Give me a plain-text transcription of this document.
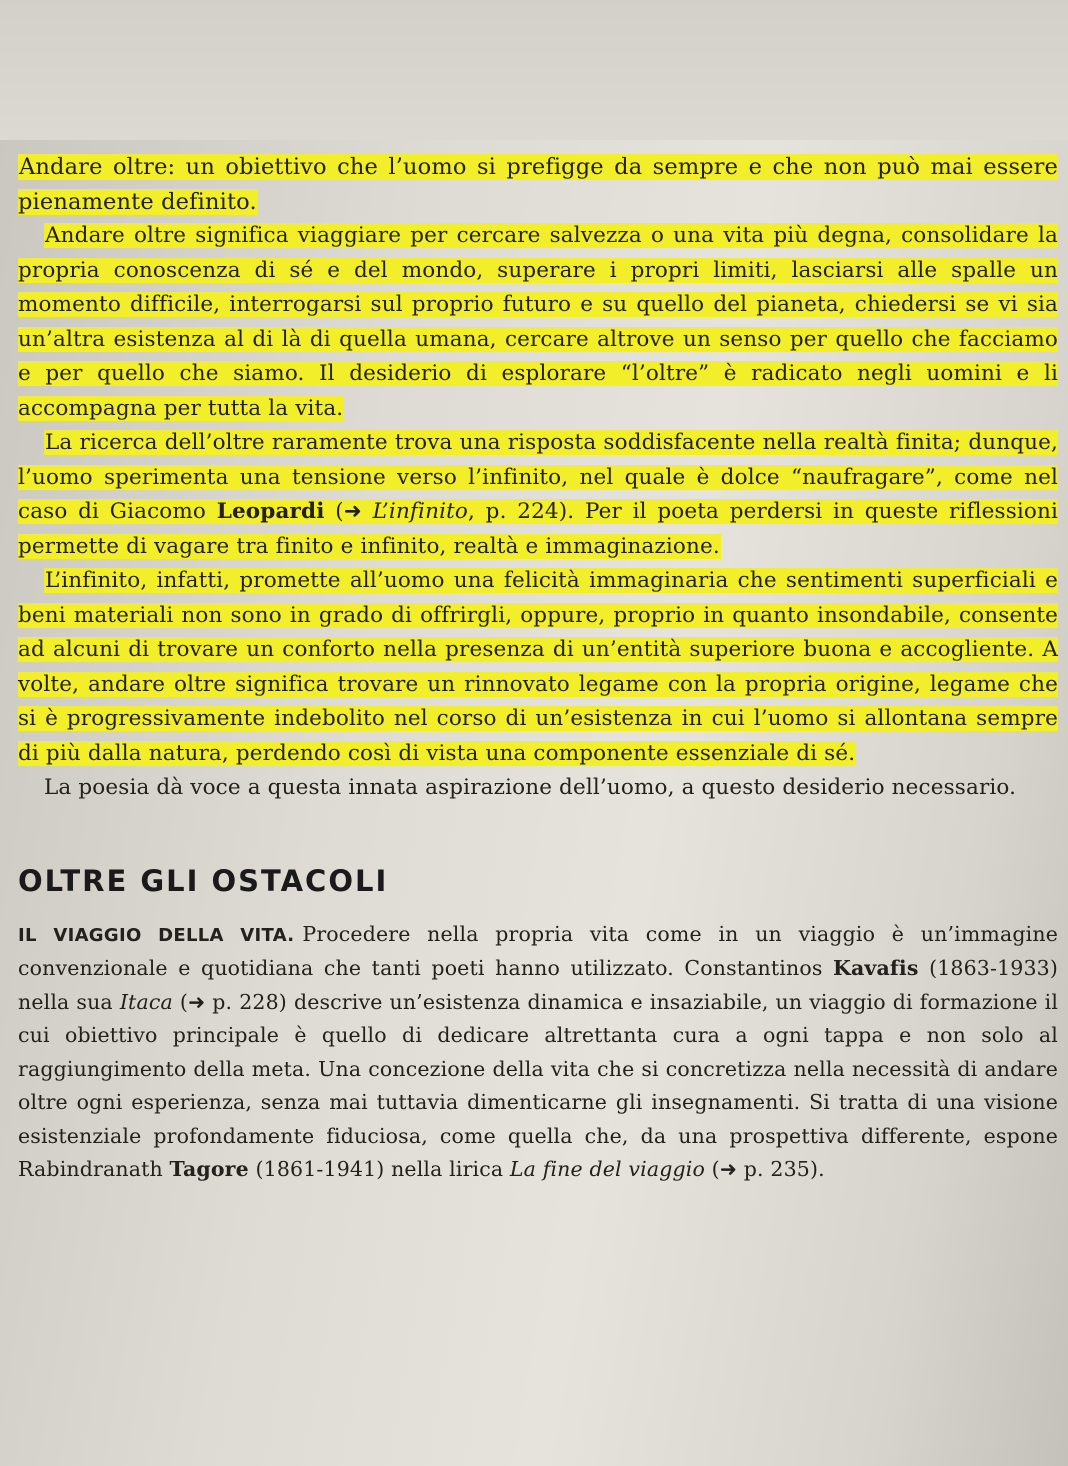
Andare oltre: un obiettivo che l’uomo si prefigge da sempre e che non può mai essere pienamente definito.

Andare oltre significa viaggiare per cercare salvezza o una vita più degna, consolidare la propria conoscenza di sé e del mondo, superare i propri limiti, lasciarsi alle spalle un momento difficile, interrogarsi sul proprio futuro e su quello del pianeta, chiedersi se vi sia un’altra esistenza al di là di quella umana, cercare altrove un senso per quello che facciamo e per quello che siamo. Il desiderio di esplorare “l’oltre” è radicato negli uomini e li accompagna per tutta la vita.

La ricerca dell’oltre raramente trova una risposta soddisfacente nella realtà finita; dunque, l’uomo sperimenta una tensione verso l’infinito, nel quale è dolce “naufragare”, come nel caso di Giacomo Leopardi (➜ L’infinito, p. 224). Per il poeta perdersi in queste riflessioni permette di vagare tra finito e infinito, realtà e immaginazione.

L’infinito, infatti, promette all’uomo una felicità immaginaria che sentimenti superficiali e beni materiali non sono in grado di offrirgli, oppure, proprio in quanto insondabile, consente ad alcuni di trovare un conforto nella presenza di un’entità superiore buona e accogliente. A volte, andare oltre significa trovare un rinnovato legame con la propria origine, legame che si è progressivamente indebolito nel corso di un’esistenza in cui l’uomo si allontana sempre di più dalla natura, perdendo così di vista una componente essenziale di sé.

La poesia dà voce a questa innata aspirazione dell’uomo, a questo desiderio necessario.

OLTRE GLI OSTACOLI

IL VIAGGIO DELLA VITA. Procedere nella propria vita come in un viaggio è un’immagine convenzionale e quotidiana che tanti poeti hanno utilizzato. Constantinos Kavafis (1863-1933) nella sua Itaca (➜ p. 228) descrive un’esistenza dinamica e insaziabile, un viaggio di formazione il cui obiettivo principale è quello di dedicare altrettanta cura a ogni tappa e non solo al raggiungimento della meta. Una concezione della vita che si concretizza nella necessità di andare oltre ogni esperienza, senza mai tuttavia dimenticarne gli insegnamenti. Si tratta di una visione esistenziale profondamente fiduciosa, come quella che, da una prospettiva differente, espone Rabindranath Tagore (1861-1941) nella lirica La fine del viaggio (➜ p. 235).
